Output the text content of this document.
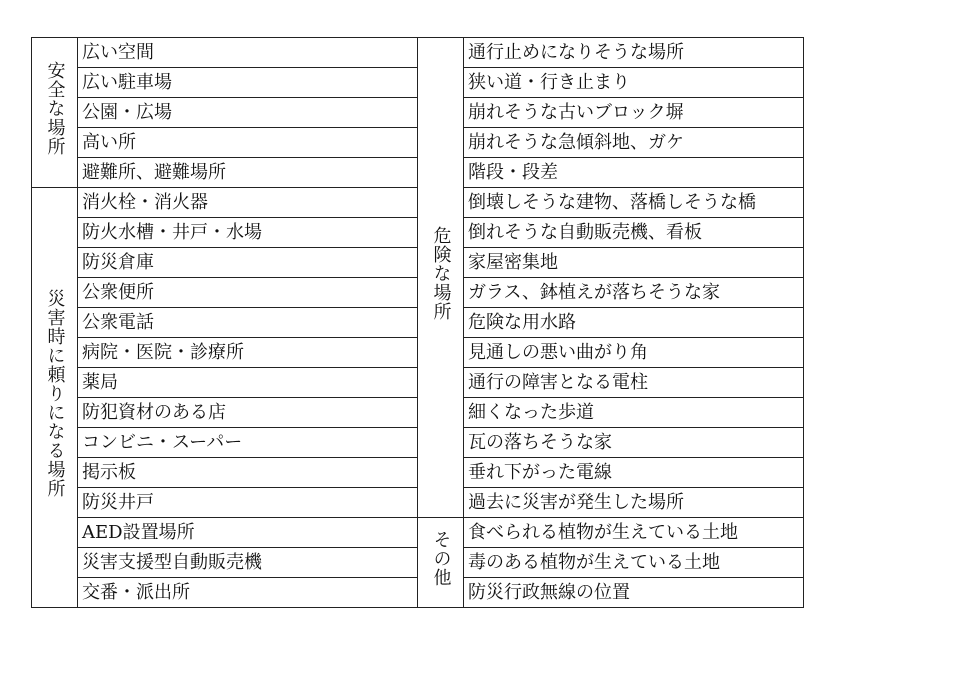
安全な場所	広い空間	危険な場所	通行止めになりそうな場所
	広い駐車場		狭い道・行き止まり
	公園・広場		崩れそうな古いブロック塀
	高い所		崩れそうな急傾斜地、ガケ
	避難所、避難場所		階段・段差
災害時に頼りになる場所	消火栓・消火器		倒壊しそうな建物、落橋しそうな橋
	防火水槽・井戸・水場		倒れそうな自動販売機、看板
	防災倉庫		家屋密集地
	公衆便所		ガラス、鉢植えが落ちそうな家
	公衆電話		危険な用水路
	病院・医院・診療所		見通しの悪い曲がり角
	薬局		通行の障害となる電柱
	防犯資材のある店		細くなった歩道
	コンビニ・スーパー		瓦の落ちそうな家
	掲示板		垂れ下がった電線
	防災井戸		過去に災害が発生した場所
	AED設置場所	その他	食べられる植物が生えている土地
	災害支援型自動販売機		毒のある植物が生えている土地
	交番・派出所		防災行政無線の位置
